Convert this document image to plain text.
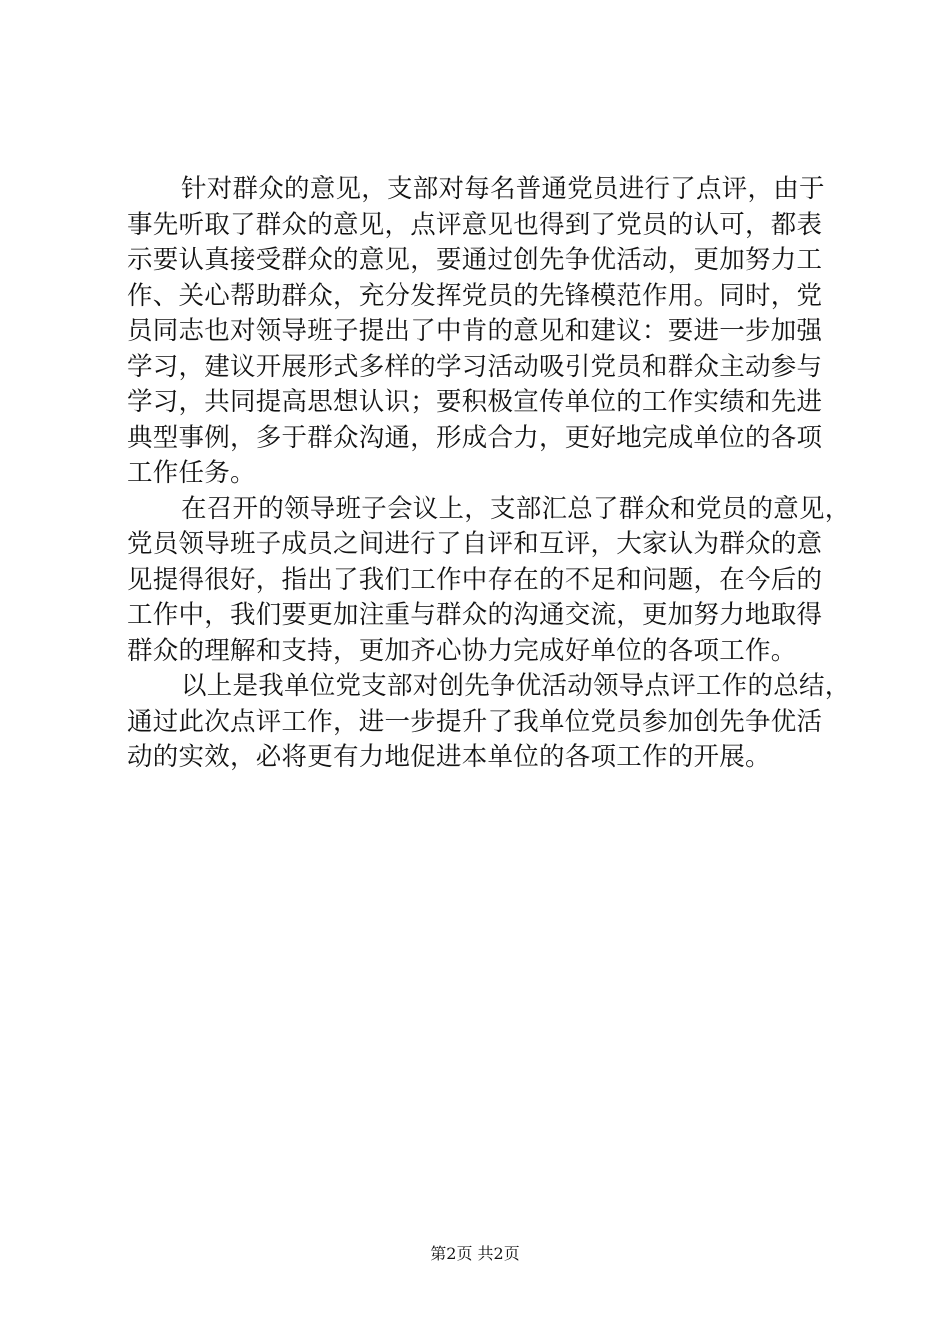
针对群众的意见，支部对每名普通党员进行了点评，由于
事先听取了群众的意见，点评意见也得到了党员的认可，都表
示要认真接受群众的意见，要通过创先争优活动，更加努力工
作、关心帮助群众，充分发挥党员的先锋模范作用。同时，党
员同志也对领导班子提出了中肯的意见和建议：要进一步加强
学习，建议开展形式多样的学习活动吸引党员和群众主动参与
学习，共同提高思想认识；要积极宣传单位的工作实绩和先进
典型事例，多于群众沟通，形成合力，更好地完成单位的各项
工作任务。
在召开的领导班子会议上，支部汇总了群众和党员的意见，
党员领导班子成员之间进行了自评和互评，大家认为群众的意
见提得很好，指出了我们工作中存在的不足和问题，在今后的
工作中，我们要更加注重与群众的沟通交流，更加努力地取得
群众的理解和支持，更加齐心协力完成好单位的各项工作。
以上是我单位党支部对创先争优活动领导点评工作的总结，
通过此次点评工作，进一步提升了我单位党员参加创先争优活
动的实效，必将更有力地促进本单位的各项工作的开展。
第2页 共2页
